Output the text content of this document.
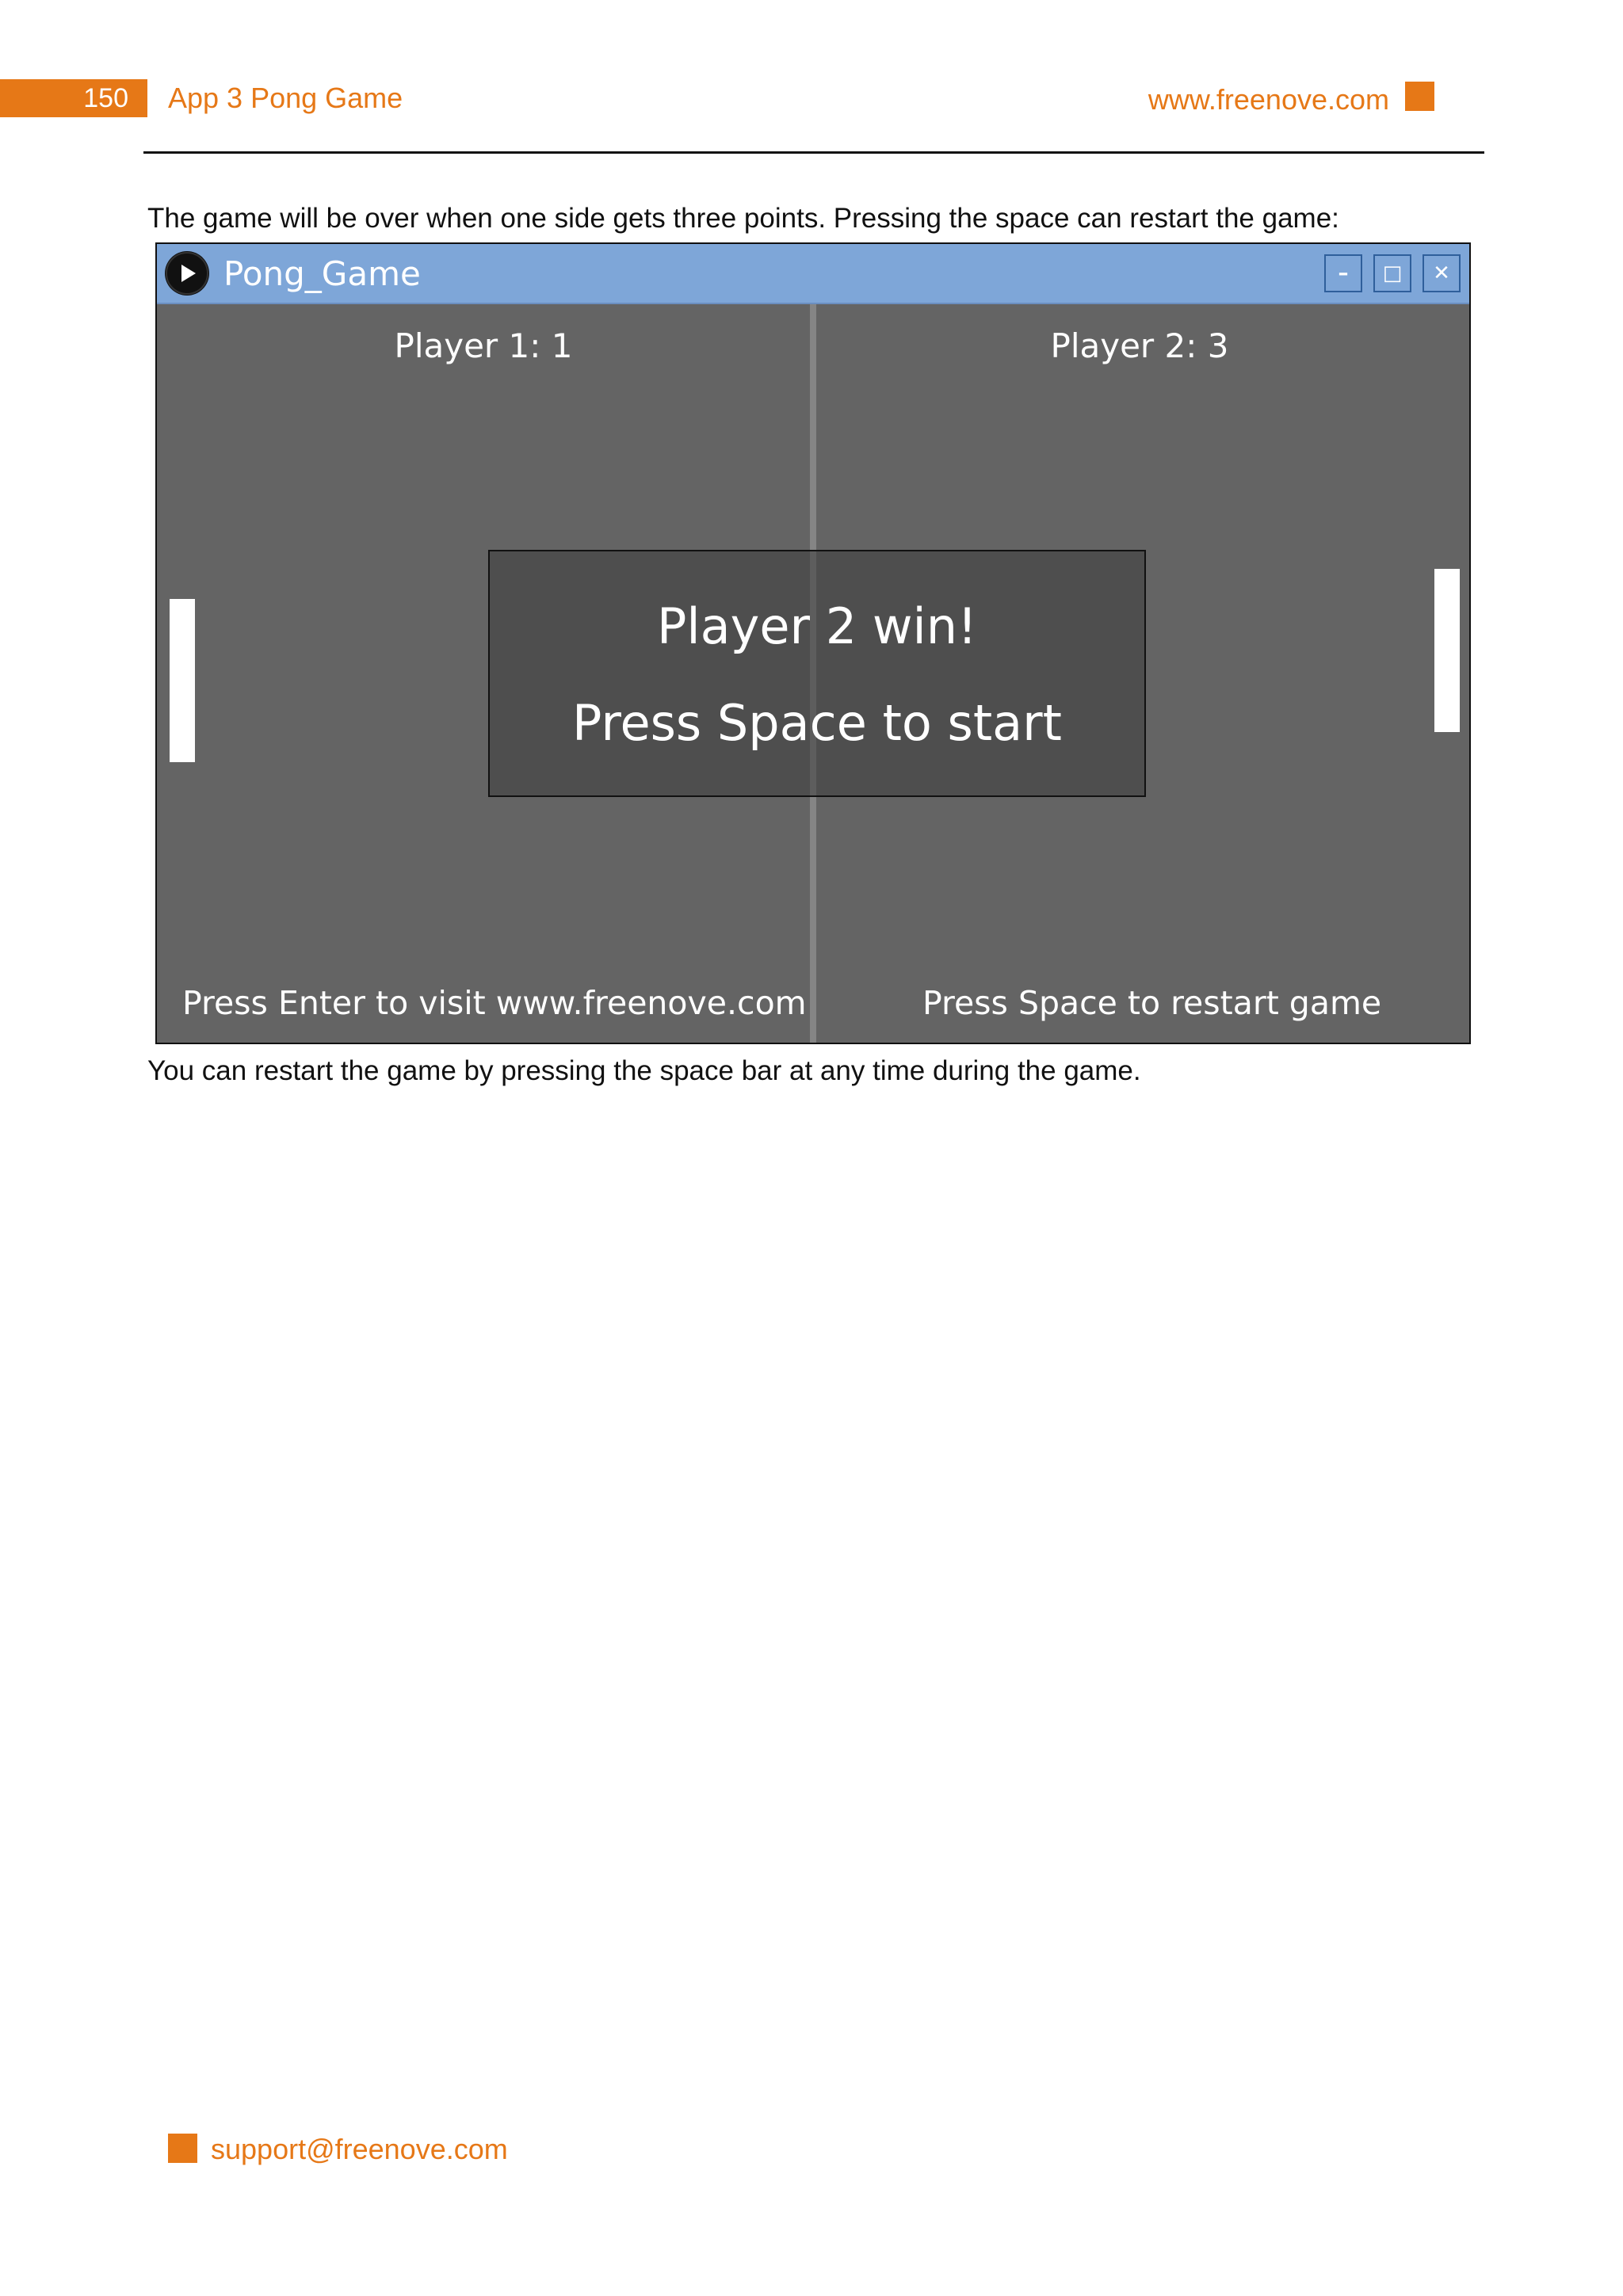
150	App 3 Pong Game	www.freenove.com
The game will be over when one side gets three points. Pressing the space can restart the game:
Pong_Game	–	□	✕
Player 1: 1	Player 2: 3
Player 2 win!
Press Space to start
Press Enter to visit www.freenove.com	Press Space to restart game
You can restart the game by pressing the space bar at any time during the game.
support@freenove.com
